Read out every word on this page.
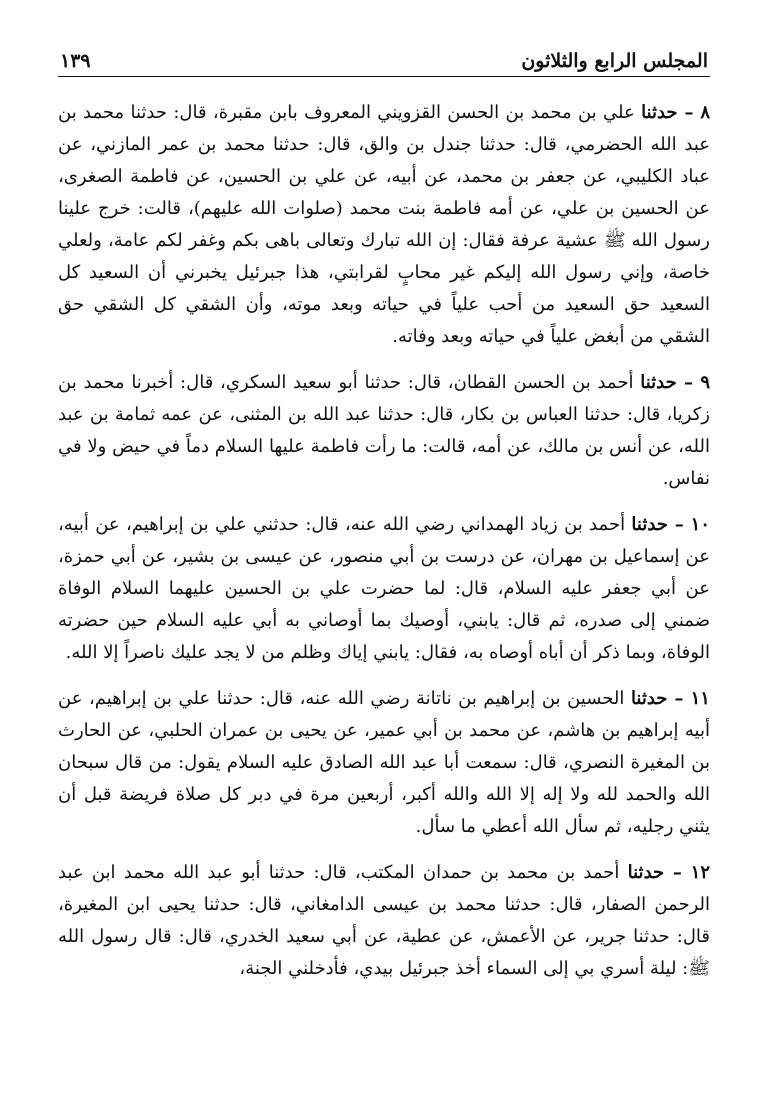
المجلس الرابع والثلاثون
١٣٩

٨ – حدثنا علي بن محمد بن الحسن القزويني المعروف بابن مقبرة، قال: حدثنا محمد بن عبد الله الحضرمي، قال: حدثنا جندل بن والق، قال: حدثنا محمد بن عمر المازني، عن عباد الكليبي، عن جعفر بن محمد، عن أبيه، عن علي بن الحسين، عن فاطمة الصغرى، عن الحسين بن علي، عن أمه فاطمة بنت محمد (صلوات الله عليهم)، قالت: خرج علينا رسول الله ﷺ عشية عرفة فقال: إن الله تبارك وتعالى باهى بكم وغفر لكم عامة، ولعلي خاصة، وإني رسول الله إليكم غير محابٍ لقرابتي، هذا جبرئيل يخبرني أن السعيد كل السعيد حق السعيد من أحب علياً في حياته وبعد موته، وأن الشقي كل الشقي حق الشقي من أبغض علياً في حياته وبعد وفاته.

٩ – حدثنا أحمد بن الحسن القطان، قال: حدثنا أبو سعيد السكري، قال: أخبرنا محمد بن زكريا، قال: حدثنا العباس بن بكار، قال: حدثنا عبد الله بن المثنى، عن عمه ثمامة بن عبد الله، عن أنس بن مالك، عن أمه، قالت: ما رأت فاطمة عليها السلام دماً في حيض ولا في نفاس.

١٠ – حدثنا أحمد بن زياد الهمداني رضي الله عنه، قال: حدثني علي بن إبراهيم، عن أبيه، عن إسماعيل بن مهران، عن درست بن أبي منصور، عن عيسى بن بشير، عن أبي حمزة، عن أبي جعفر عليه السلام، قال: لما حضرت علي بن الحسين عليهما السلام الوفاة ضمني إلى صدره، ثم قال: يابني، أوصيك بما أوصاني به أبي عليه السلام حين حضرته الوفاة، وبما ذكر أن أباه أوصاه به، فقال: يابني إياك وظلم من لا يجد عليك ناصراً إلا الله.

١١ – حدثنا الحسين بن إبراهيم بن ناتانة رضي الله عنه، قال: حدثنا علي بن إبراهيم، عن أبيه إبراهيم بن هاشم، عن محمد بن أبي عمير، عن يحيى بن عمران الحلبي، عن الحارث بن المغيرة النصري، قال: سمعت أبا عبد الله الصادق عليه السلام يقول: من قال سبحان الله والحمد لله ولا إله إلا الله والله أكبر، أربعين مرة في دبر كل صلاة فريضة قبل أن يثني رجليه، ثم سأل الله أعطي ما سأل.

١٢ – حدثنا أحمد بن محمد بن حمدان المكتب، قال: حدثنا أبو عبد الله محمد ابن عبد الرحمن الصفار، قال: حدثنا محمد بن عيسى الدامغاني، قال: حدثنا يحيى ابن المغيرة، قال: حدثنا جرير، عن الأعمش، عن عطية، عن أبي سعيد الخدري، قال: قال رسول الله ﷺ: ليلة أسري بي إلى السماء أخذ جبرئيل بيدي، فأدخلني الجنة،
